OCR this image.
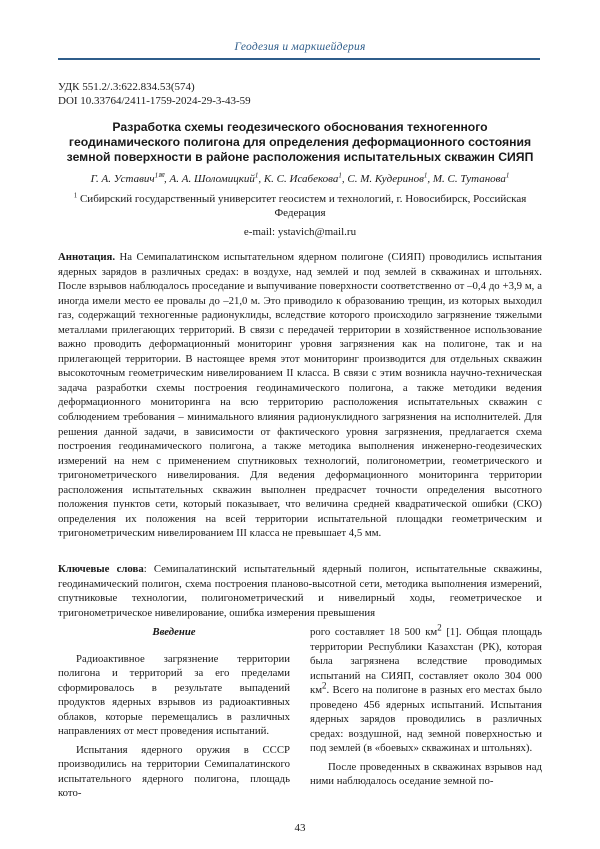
Геодезия и маркшейдерия
УДК 551.2/.3:622.834.53(574)
DOI 10.33764/2411-1759-2024-29-3-43-59
Разработка схемы геодезического обоснования техногенного геодинамического полигона для определения деформационного состояния земной поверхности в районе расположения испытательных скважин СИЯП
Г. А. Уставич$^{1✉}$, А. А. Шоломицкий$^1$, К. С. Исабекова$^1$, С. М. Кудеринов$^1$, М. С. Тутанова$^1$
$^1$ Сибирский государственный университет геосистем и технологий, г. Новосибирск, Российская Федерация
e-mail: ystavich@mail.ru
Аннотация. На Семипалатинском испытательном ядерном полигоне (СИЯП) проводились испытания ядерных зарядов в различных средах: в воздухе, над землей и под землей в скважинах и штольнях. После взрывов наблюдалось проседание и выпучивание поверхности соответственно от –0,4 до +3,9 м, а иногда имели место ее провалы до –21,0 м. Это приводило к образованию трещин, из которых выходил газ, содержащий техногенные радионуклиды, вследствие которого происходило загрязнение тяжелыми металлами прилегающих территорий. В связи с передачей территории в хозяйственное использование важно проводить деформационный мониторинг уровня загрязнения как на полигоне, так и на прилегающей территории. В настоящее время этот мониторинг производится для отдельных скважин высокоточным геометрическим нивелированием II класса. В связи с этим возникла научно-техническая задача разработки схемы построения геодинамического полигона, а также методики ведения деформационного мониторинга на всю территорию расположения испытательных скважин с соблюдением требования – минимального влияния радионуклидного загрязнения на исполнителей. Для решения данной задачи, в зависимости от фактического уровня загрязнения, предлагается схема построения геодинамического полигона, а также методика выполнения инженерно-геодезических измерений на нем с применением спутниковых технологий, полигонометрии, геометрического и тригонометрического нивелирования. Для ведения деформационного мониторинга территории расположения испытательных скважин выполнен предрасчет точности определения высотного положения пунктов сети, который показывает, что величина средней квадратической ошибки (СКО) определения их положения на всей территории испытательной площадки геометрическим и тригонометрическим нивелированием III класса не превышает 4,5 мм.
Ключевые слова: Семипалатинский испытательный ядерный полигон, испытательные скважины, геодинамический полигон, схема построения планово-высотной сети, методика выполнения измерений, спутниковые технологии, полигонометрический и нивелирный ходы, геометрическое и тригонометрическое нивелирование, ошибка измерения превышения
Введение

Радиоактивное загрязнение территории полигона и территорий за его пределами сформировалось в результате выпадений продуктов ядерных взрывов из радиоактивных облаков, которые перемещались в различных направлениях от мест проведения испытаний.

Испытания ядерного оружия в СССР производились на территории Семипалатинского испытательного ядерного полигона, площадь кото-

рого составляет 18 500 $км^2$ [1]. Общая площадь территории Республики Казахстан (РК), которая была загрязнена вследствие проводимых испытаний на СИЯП, составляет около 304 000 $км^2$. Всего на полигоне в разных его местах было проведено 456 ядерных испытаний. Испытания ядерных зарядов проводились в различных средах: воздушной, над земной поверхностью и под землей (в «боевых» скважинах и штольнях).

После проведенных в скважинах взрывов над ними наблюдалось оседание земной по-

43
